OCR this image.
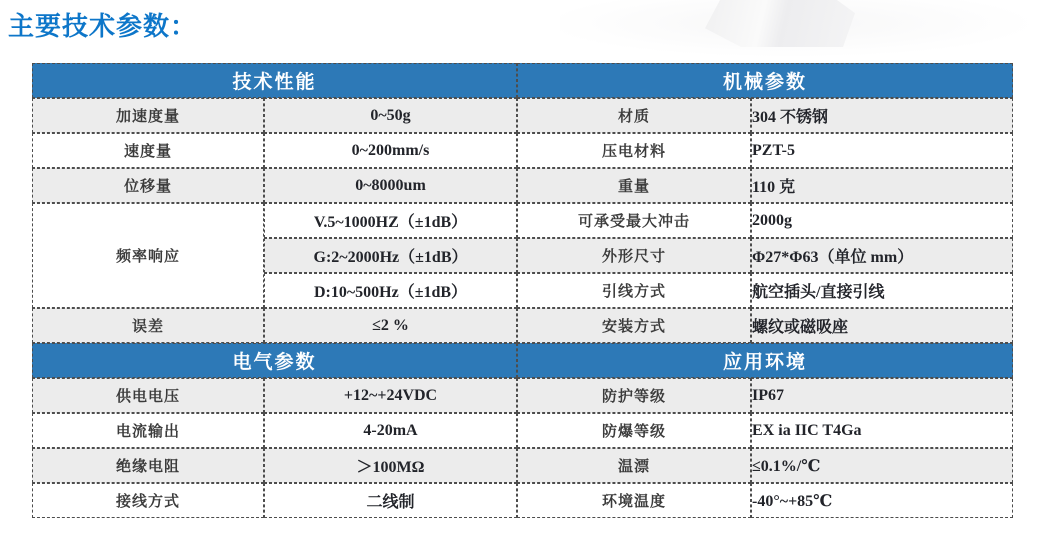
主要技术参数：
技术性能		机械参数	
加速度量	0~50g	材质	304 不锈钢
速度量	0~200mm/s	压电材料	PZT-5
位移量	0~8000um	重量	110 克
频率响应	V.5~1000HZ（±1dB）	可承受最大冲击	2000g
	G:2~2000Hz（±1dB）	外形尺寸	Φ27*Φ63（单位 mm）
	D:10~500Hz（±1dB）	引线方式	航空插头/直接引线
误差	≤2 %	安装方式	螺纹或磁吸座
电气参数		应用环境	
供电电压	+12~+24VDC	防护等级	IP67
电流输出	4-20mA	防爆等级	EX ia IIC T4Ga
绝缘电阻	＞100MΩ	温漂	≤0.1%/℃
接线方式	二线制	环境温度	-40°~+85℃
